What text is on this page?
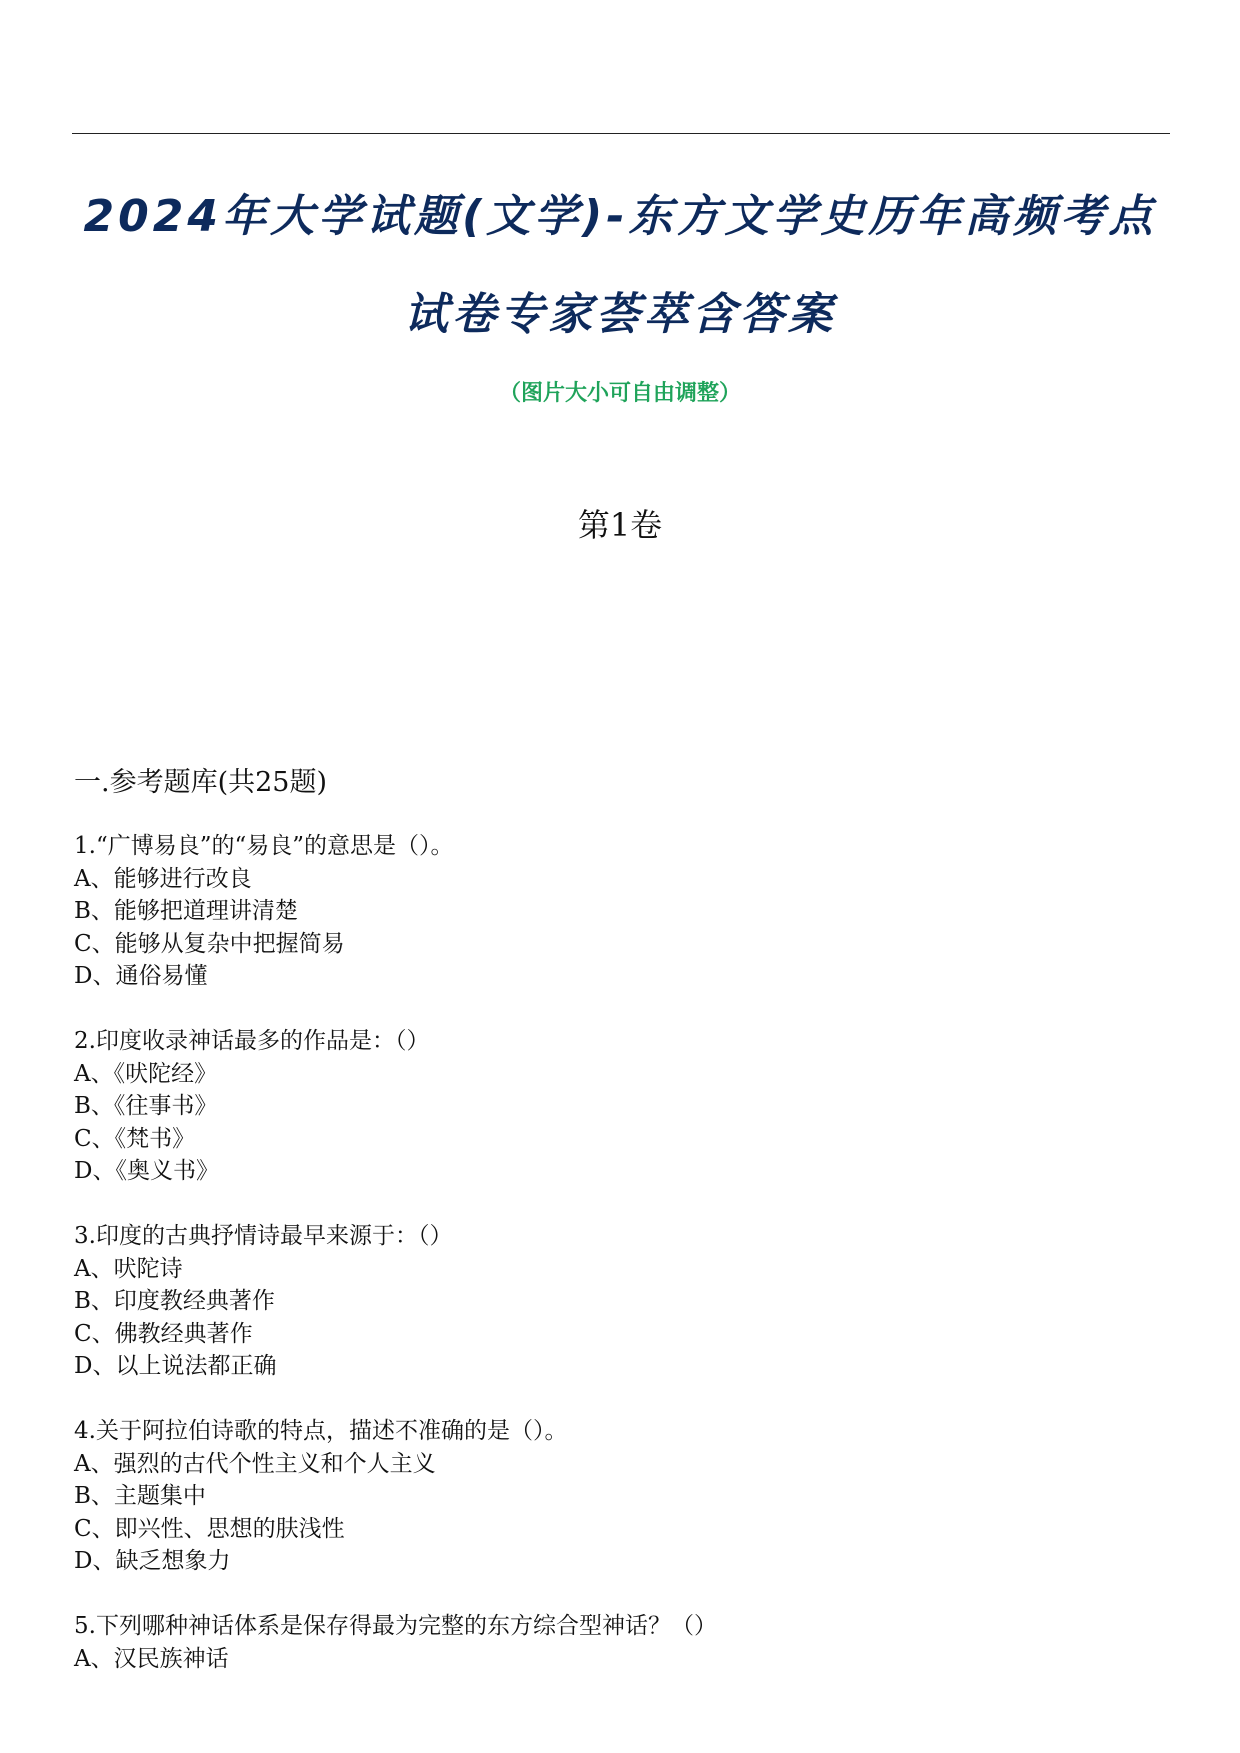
2024年大学试题(文学)-东方文学史历年高频考点
试卷专家荟萃含答案
（图片大小可自由调整）
第1卷
一.参考题库(共25题)
1.“广博易良”的“易良”的意思是（）。
A、能够进行改良
B、能够把道理讲清楚
C、能够从复杂中把握简易
D、通俗易懂
2.印度收录神话最多的作品是：（）
A、《吠陀经》
B、《往事书》
C、《梵书》
D、《奥义书》
3.印度的古典抒情诗最早来源于：（）
A、吠陀诗
B、印度教经典著作
C、佛教经典著作
D、以上说法都正确
4.关于阿拉伯诗歌的特点，描述不准确的是（）。
A、强烈的古代个性主义和个人主义
B、主题集中
C、即兴性、思想的肤浅性
D、缺乏想象力
5.下列哪种神话体系是保存得最为完整的东方综合型神话？（）
A、汉民族神话
